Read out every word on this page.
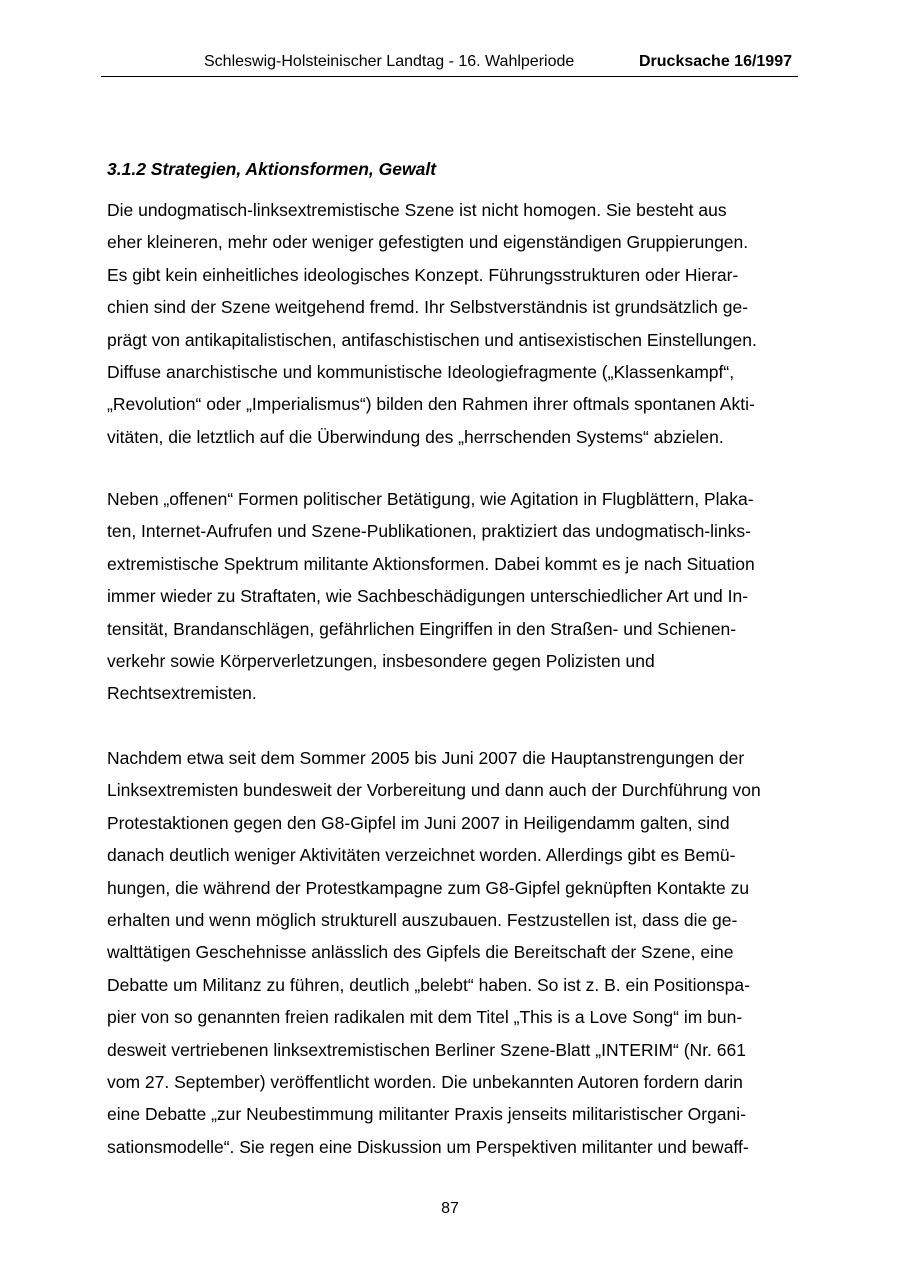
Schleswig-Holsteinischer Landtag - 16. Wahlperiode	Drucksache 16/1997
3.1.2 Strategien, Aktionsformen, Gewalt

Die undogmatisch-linksextremistische Szene ist nicht homogen. Sie besteht aus
eher kleineren, mehr oder weniger gefestigten und eigenständigen Gruppierungen.
Es gibt kein einheitliches ideologisches Konzept. Führungsstrukturen oder Hierar-
chien sind der Szene weitgehend fremd. Ihr Selbstverständnis ist grundsätzlich ge-
prägt von antikapitalistischen, antifaschistischen und antisexistischen Einstellungen.
Diffuse anarchistische und kommunistische Ideologiefragmente („Klassenkampf“,
„Revolution“ oder „Imperialismus“) bilden den Rahmen ihrer oftmals spontanen Akti-
vitäten, die letztlich auf die Überwindung des „herrschenden Systems“ abzielen.

Neben „offenen“ Formen politischer Betätigung, wie Agitation in Flugblättern, Plaka-
ten, Internet-Aufrufen und Szene-Publikationen, praktiziert das undogmatisch-links-
extremistische Spektrum militante Aktionsformen. Dabei kommt es je nach Situation
immer wieder zu Straftaten, wie Sachbeschädigungen unterschiedlicher Art und In-
tensität, Brandanschlägen, gefährlichen Eingriffen in den Straßen- und Schienen-
verkehr sowie Körperverletzungen, insbesondere gegen Polizisten und
Rechtsextremisten.

Nachdem etwa seit dem Sommer 2005 bis Juni 2007 die Hauptanstrengungen der
Linksextremisten bundesweit der Vorbereitung und dann auch der Durchführung von
Protestaktionen gegen den G8-Gipfel im Juni 2007 in Heiligendamm galten, sind
danach deutlich weniger Aktivitäten verzeichnet worden. Allerdings gibt es Bemü-
hungen, die während der Protestkampagne zum G8-Gipfel geknüpften Kontakte zu
erhalten und wenn möglich strukturell auszubauen. Festzustellen ist, dass die ge-
walttätigen Geschehnisse anlässlich des Gipfels die Bereitschaft der Szene, eine
Debatte um Militanz zu führen, deutlich „belebt“ haben. So ist z. B. ein Positionspa-
pier von so genannten freien radikalen mit dem Titel „This is a Love Song“ im bun-
desweit vertriebenen linksextremistischen Berliner Szene-Blatt „INTERIM“ (Nr. 661
vom 27. September) veröffentlicht worden. Die unbekannten Autoren fordern darin
eine Debatte „zur Neubestimmung militanter Praxis jenseits militaristischer Organi-
sationsmodelle“. Sie regen eine Diskussion um Perspektiven militanter und bewaff-

87
